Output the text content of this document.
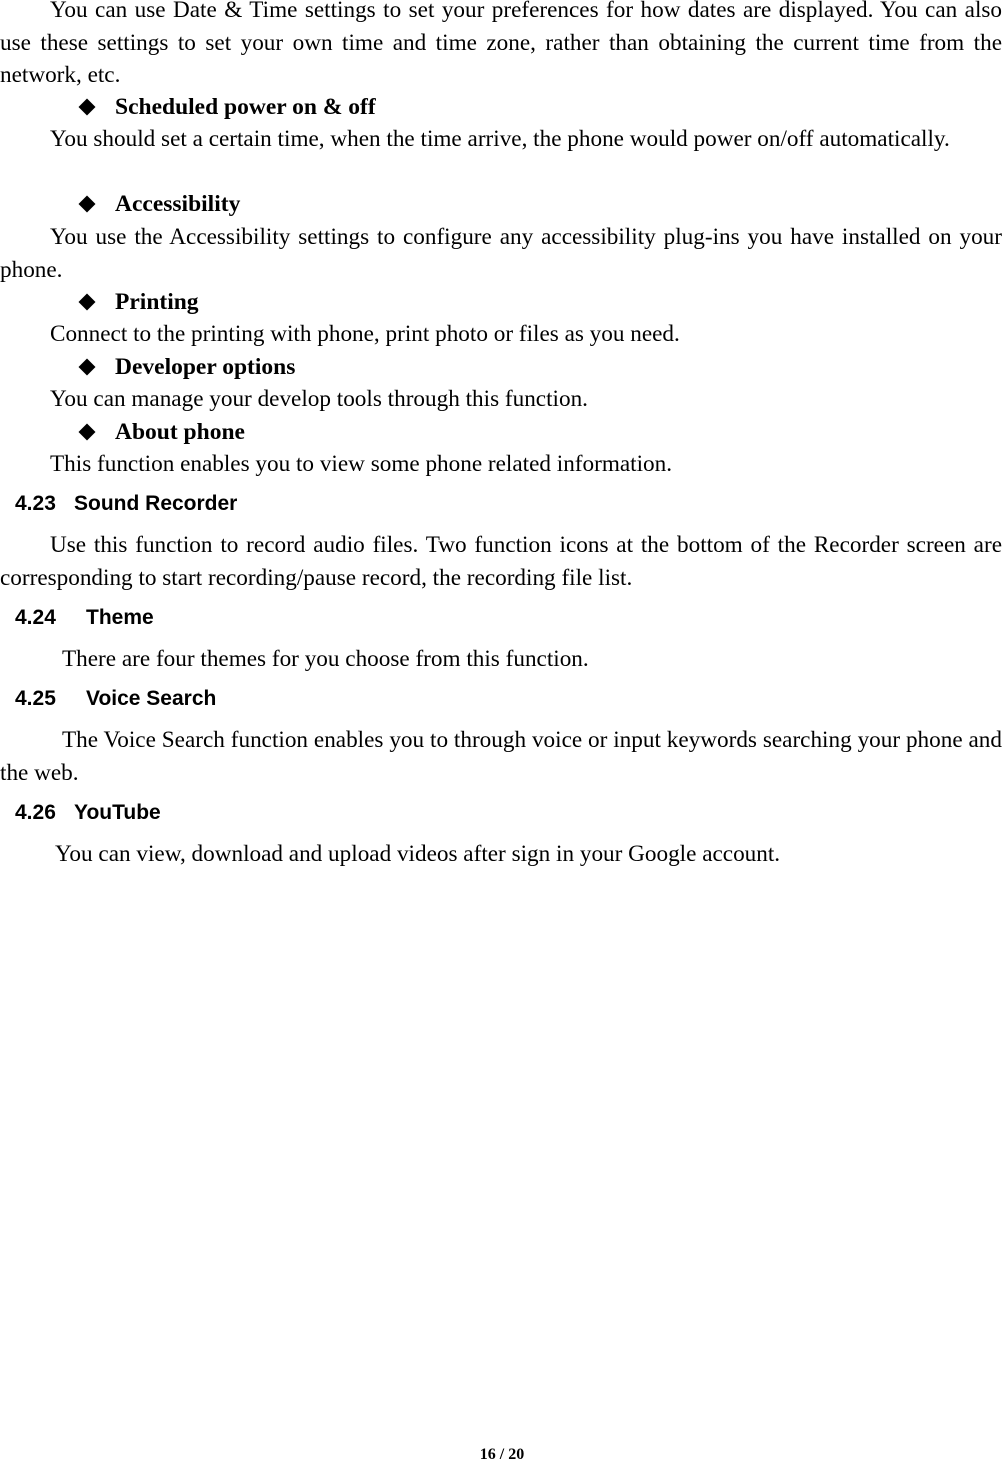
You can use Date & Time settings to set your preferences for how dates are displayed. You can also use these settings to set your own time and time zone, rather than obtaining the current time from the network, etc.

Scheduled power on & off

You should set a certain time, when the time arrive, the phone would power on/off automatically.

Accessibility

You use the Accessibility settings to configure any accessibility plug-ins you have installed on your phone.

Printing

Connect to the printing with phone, print photo or files as you need.

Developer options

You can manage your develop tools through this function.

About phone

This function enables you to view some phone related information.

4.23 Sound Recorder

Use this function to record audio files. Two function icons at the bottom of the Recorder screen are corresponding to start recording/pause record, the recording file list.

4.24	Theme

There are four themes for you choose from this function.

4.25	Voice Search

The Voice Search function enables you to through voice or input keywords searching your phone and the web.

4.26 YouTube

You can view, download and upload videos after sign in your Google account.

16 / 20
